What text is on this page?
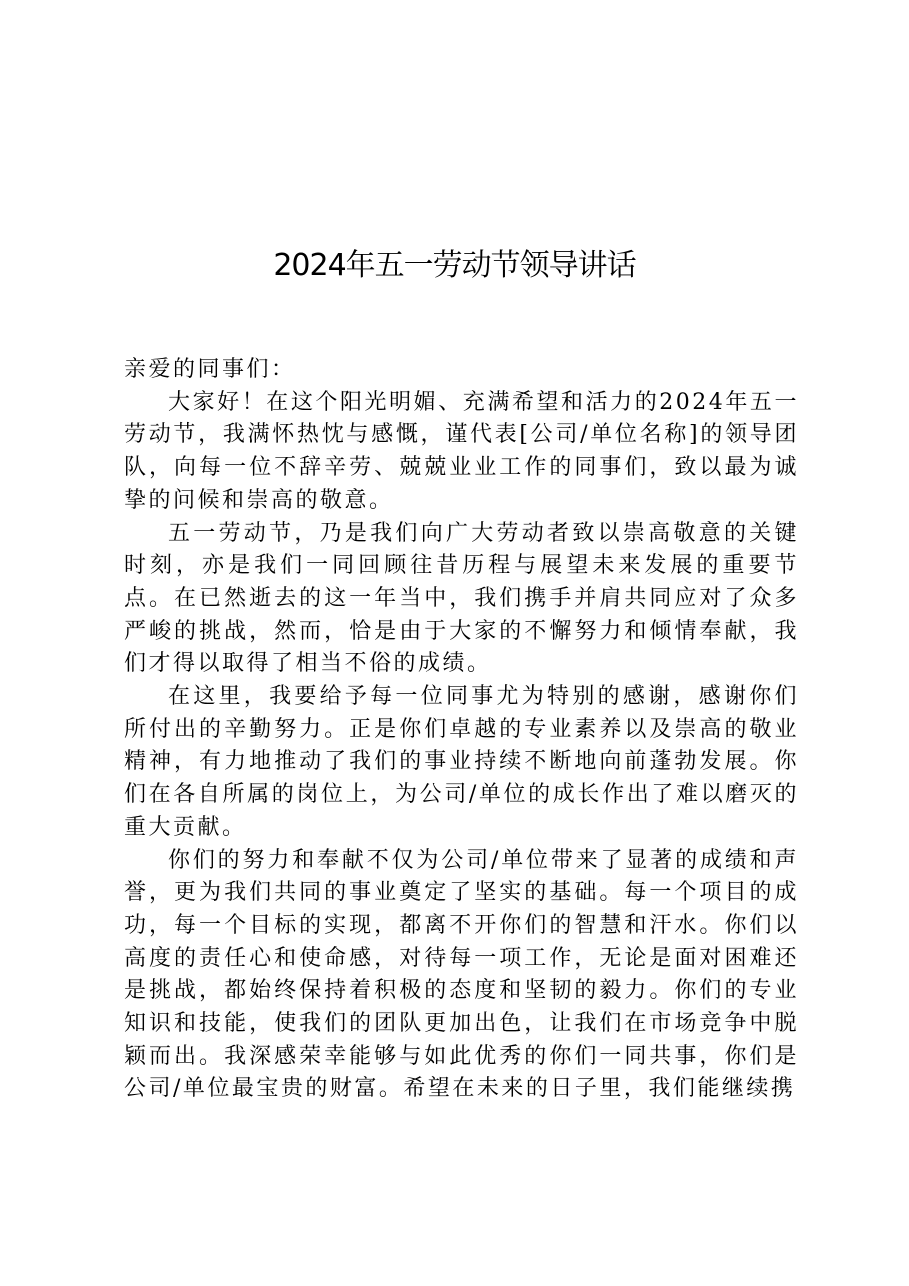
2024年五一劳动节领导讲话

亲爱的同事们：

大家好！在这个阳光明媚、充满希望和活力的2024年五一劳动节，我满怀热忱与感慨，谨代表[公司/单位名称]的领导团队，向每一位不辞辛劳、兢兢业业工作的同事们，致以最为诚挚的问候和崇高的敬意。

五一劳动节，乃是我们向广大劳动者致以崇高敬意的关键时刻，亦是我们一同回顾往昔历程与展望未来发展的重要节点。在已然逝去的这一年当中，我们携手并肩共同应对了众多严峻的挑战，然而，恰是由于大家的不懈努力和倾情奉献，我们才得以取得了相当不俗的成绩。

在这里，我要给予每一位同事尤为特别的感谢，感谢你们所付出的辛勤努力。正是你们卓越的专业素养以及崇高的敬业精神，有力地推动了我们的事业持续不断地向前蓬勃发展。你们在各自所属的岗位上，为公司/单位的成长作出了难以磨灭的重大贡献。

你们的努力和奉献不仅为公司/单位带来了显著的成绩和声誉，更为我们共同的事业奠定了坚实的基础。每一个项目的成功，每一个目标的实现，都离不开你们的智慧和汗水。你们以高度的责任心和使命感，对待每一项工作，无论是面对困难还是挑战，都始终保持着积极的态度和坚韧的毅力。你们的专业知识和技能，使我们的团队更加出色，让我们在市场竞争中脱颖而出。我深感荣幸能够与如此优秀的你们一同共事，你们是公司/单位最宝贵的财富。希望在未来的日子里，我们能继续携
